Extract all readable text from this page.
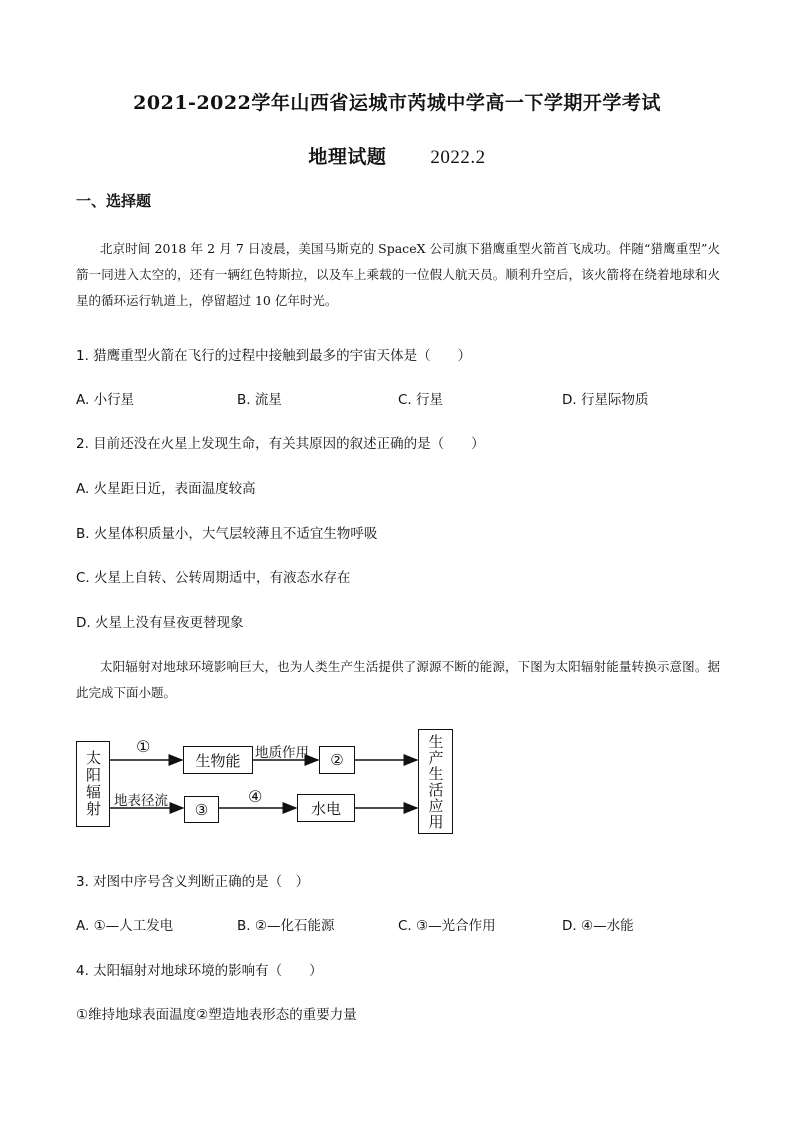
2021-2022学年山西省运城市芮城中学高一下学期开学考试
地理试题 2022.2
一、选择题
北京时间 2018 年 2 月 7 日凌晨，美国马斯克的 SpaceX 公司旗下猎鹰重型火箭首飞成功。伴随“猎鹰重型”火箭一同进入太空的，还有一辆红色特斯拉，以及车上乘载的一位假人航天员。顺利升空后，该火箭将在绕着地球和火星的循环运行轨道上，停留超过 10 亿年时光。
1. 猎鹰重型火箭在飞行的过程中接触到最多的宇宙天体是（　　）
A. 小行星	B. 流星	C. 行星	D. 行星际物质
2. 目前还没在火星上发现生命，有关其原因的叙述正确的是（　　）
A. 火星距日近，表面温度较高
B. 火星体积质量小，大气层较薄且不适宜生物呼吸
C. 火星上自转、公转周期适中，有液态水存在
D. 火星上没有昼夜更替现象
太阳辐射对地球环境影响巨大，也为人类生产生活提供了源源不断的能源，下图为太阳辐射能量转换示意图。据此完成下面小题。
太阳辐射
①
生物能	地质作用	②
地表径流	③
④
水电	生产生活应用
3. 对图中序号含义判断正确的是（　）
A. ①—人工发电	B. ②—化石能源	C. ③—光合作用	D. ④—水能
4. 太阳辐射对地球环境的影响有（　　）
①维持地球表面温度②塑造地表形态的重要力量
